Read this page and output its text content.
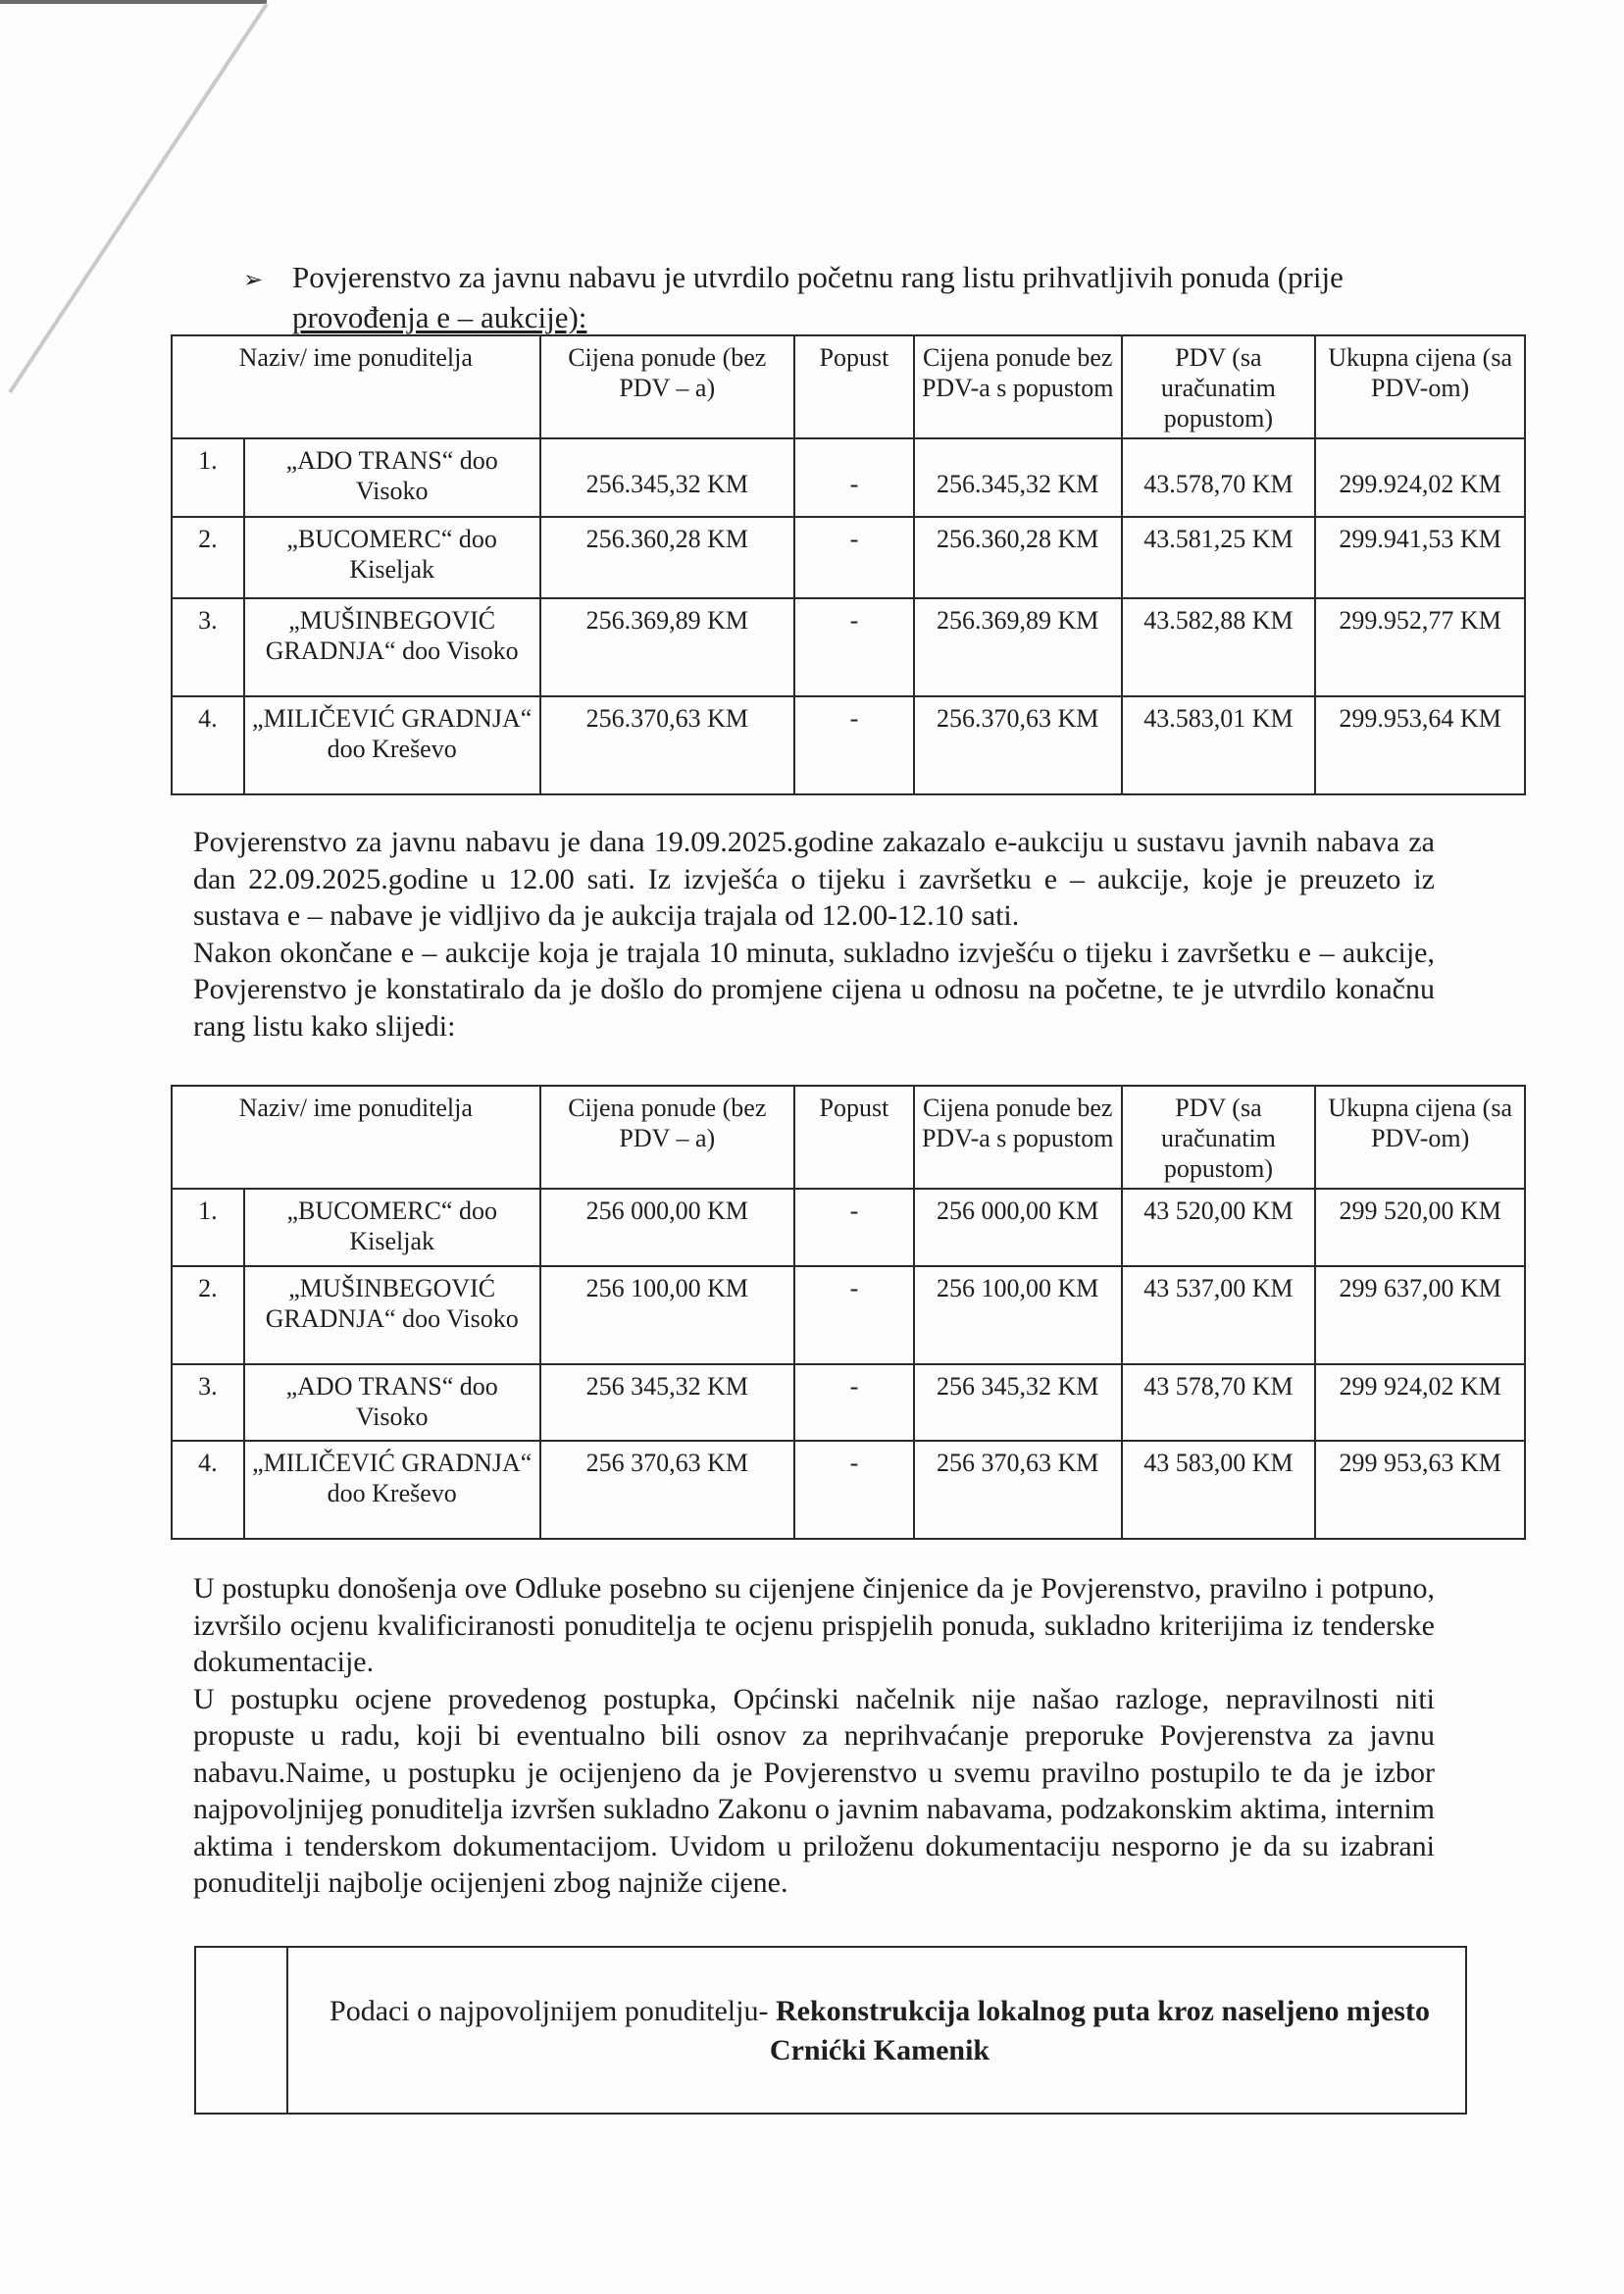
➢ Povjerenstvo za javnu nabavu je utvrdilo početnu rang listu prihvatljivih ponuda (prije
provođenja e – aukcije):
Naziv/ ime ponuditelja		Cijena ponude (bez PDV – a)	Popust	Cijena ponude bez PDV-a s popustom	PDV (sa uračunatim popustom)	Ukupna cijena (sa PDV-om)
1.	„ADO TRANS“ doo Visoko	256.345,32 KM	-	256.345,32 KM	43.578,70 KM	299.924,02 KM
2.	„BUCOMERC“ doo Kiseljak	256.360,28 KM	-	256.360,28 KM	43.581,25 KM	299.941,53 KM
3.	„MUŠINBEGOVIĆ GRADNJA“ doo Visoko	256.369,89 KM	-	256.369,89 KM	43.582,88 KM	299.952,77 KM
4.	„MILIČEVIĆ GRADNJA“ doo Kreševo	256.370,63 KM	-	256.370,63 KM	43.583,01 KM	299.953,64 KM

Povjerenstvo za javnu nabavu je dana 19.09.2025.godine zakazalo e-aukciju u sustavu javnih nabava za dan 22.09.2025.godine u 12.00 sati. Iz izvješća o tijeku i završetku e – aukcije, koje je preuzeto iz sustava e – nabave je vidljivo da je aukcija trajala od 12.00-12.10 sati.

Nakon okončane e – aukcije koja je trajala 10 minuta, sukladno izvješću o tijeku i završetku e – aukcije, Povjerenstvo je konstatiralo da je došlo do promjene cijena u odnosu na početne, te je utvrdilo konačnu rang listu kako slijedi:

Naziv/ ime ponuditelja		Cijena ponude (bez PDV – a)	Popust	Cijena ponude bez PDV-a s popustom	PDV (sa uračunatim popustom)	Ukupna cijena (sa PDV-om)
1.	„BUCOMERC“ doo Kiseljak	256 000,00 KM	-	256 000,00 KM	43 520,00 KM	299 520,00 KM
2.	„MUŠINBEGOVIĆ GRADNJA“ doo Visoko	256 100,00 KM	-	256 100,00 KM	43 537,00 KM	299 637,00 KM
3.	„ADO TRANS“ doo Visoko	256 345,32 KM	-	256 345,32 KM	43 578,70 KM	299 924,02 KM
4.	„MILIČEVIĆ GRADNJA“ doo Kreševo	256 370,63 KM	-	256 370,63 KM	43 583,00 KM	299 953,63 KM

U postupku donošenja ove Odluke posebno su cijenjene činjenice da je Povjerenstvo, pravilno i potpuno, izvršilo ocjenu kvalificiranosti ponuditelja te ocjenu prispjelih ponuda, sukladno kriterijima iz tenderske dokumentacije.

U postupku ocjene provedenog postupka, Općinski načelnik nije našao razloge, nepravilnosti niti propuste u radu, koji bi eventualno bili osnov za neprihvaćanje preporuke Povjerenstva za javnu nabavu.Naime, u postupku je ocijenjeno da je Povjerenstvo u svemu pravilno postupilo te da je izbor najpovoljnijeg ponuditelja izvršen sukladno Zakonu o javnim nabavama, podzakonskim aktima, internim aktima i tenderskom dokumentacijom. Uvidom u priloženu dokumentaciju nesporno je da su izabrani ponuditelji najbolje ocijenjeni zbog najniže cijene.

Podaci o najpovoljnijem ponuditelju- Rekonstrukcija lokalnog puta kroz naseljeno mjesto Crnićki Kamenik
